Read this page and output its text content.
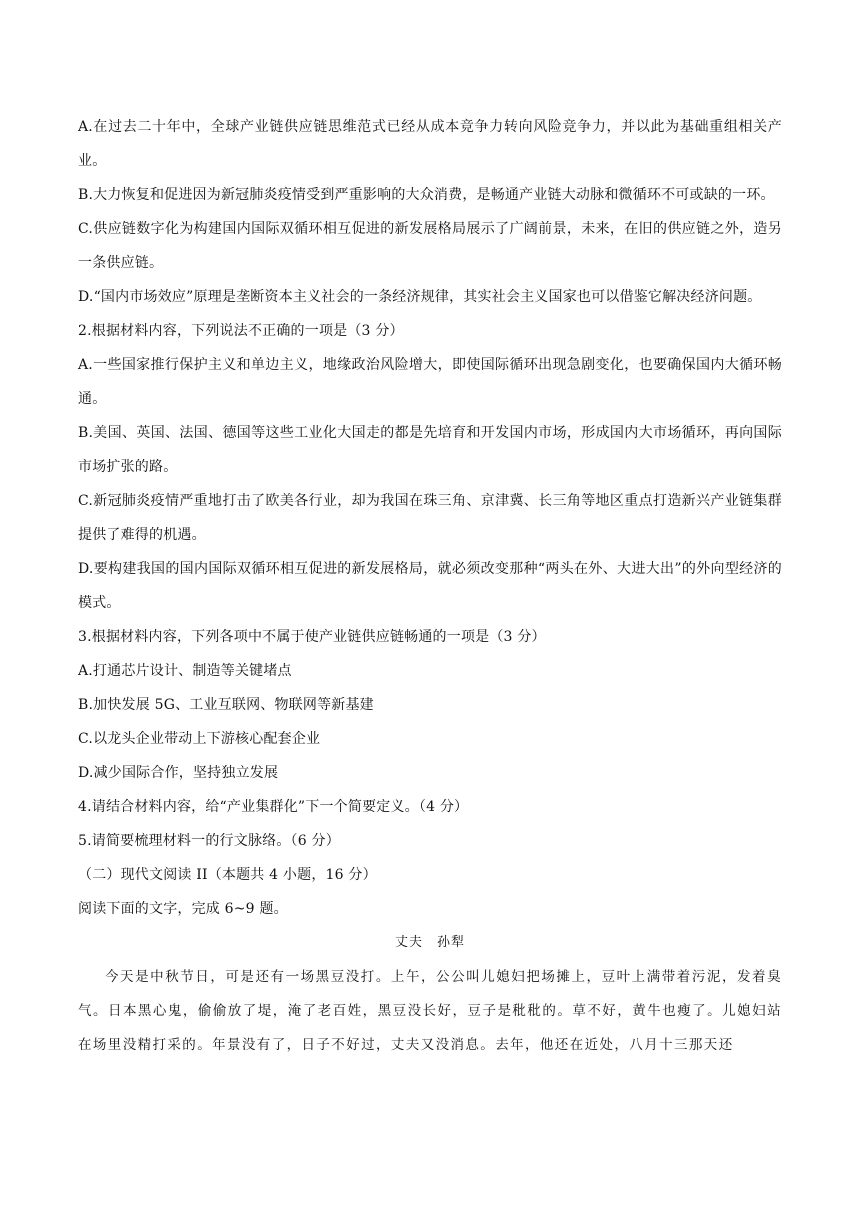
A.在过去二十年中，全球产业链供应链思维范式已经从成本竞争力转向风险竞争力，并以此为基础重组相关产业。

B.大力恢复和促进因为新冠肺炎疫情受到严重影响的大众消费，是畅通产业链大动脉和微循环不可或缺的一环。

C.供应链数字化为构建国内国际双循环相互促进的新发展格局展示了广阔前景，未来，在旧的供应链之外，造另一条供应链。

D.“国内市场效应”原理是垄断资本主义社会的一条经济规律，其实社会主义国家也可以借鉴它解决经济问题。

2.根据材料内容，下列说法不正确的一项是（3 分）

A.一些国家推行保护主义和单边主义，地缘政治风险增大，即使国际循环出现急剧变化，也要确保国内大循环畅通。

B.美国、英国、法国、德国等这些工业化大国走的都是先培育和开发国内市场，形成国内大市场循环，再向国际市场扩张的路。

C.新冠肺炎疫情严重地打击了欧美各行业，却为我国在珠三角、京津冀、长三角等地区重点打造新兴产业链集群提供了难得的机遇。

D.要构建我国的国内国际双循环相互促进的新发展格局，就必须改变那种“两头在外、大进大出”的外向型经济的模式。

3.根据材料内容，下列各项中不属于使产业链供应链畅通的一项是（3 分）

A.打通芯片设计、制造等关键堵点

B.加快发展 5G、工业互联网、物联网等新基建

C.以龙头企业带动上下游核心配套企业

D.减少国际合作，坚持独立发展

4.请结合材料内容，给“产业集群化”下一个简要定义。（4 分）

5.请简要梳理材料一的行文脉络。（6 分）

（二）现代文阅读 II（本题共 4 小题，16 分）

阅读下面的文字，完成 6~9 题。

丈夫 孙犁

今天是中秋节日，可是还有一场黑豆没打。上午，公公叫儿媳妇把场摊上，豆叶上满带着污泥，发着臭气。日本黑心鬼，偷偷放了堤，淹了老百姓，黑豆没长好，豆子是秕秕的。草不好，黄牛也瘦了。儿媳妇站在场里没精打采的。年景没有了，日子不好过，丈夫又没消息。去年，他还在近处，八月十三那天还
